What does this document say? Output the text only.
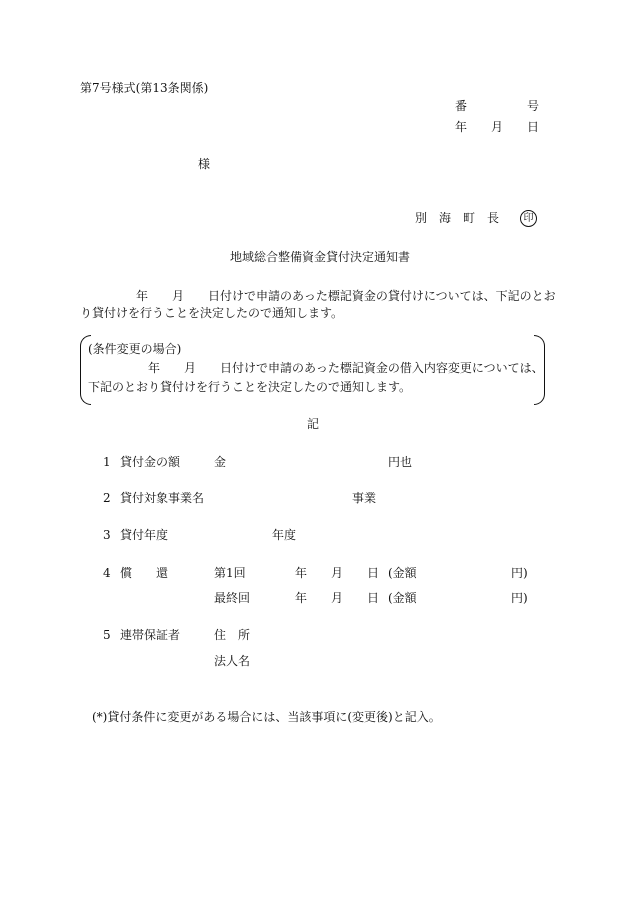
第7号様式(第13条関係)
番　　　　　号
年　　月　　日
様
別　海　町　長	印
地域総合整備資金貸付決定通知書
年　　月　　日付けで申請のあった標記資金の貸付けについては、下記のとお
り貸付けを行うことを決定したので通知します。
(条件変更の場合)
年　　月　　日付けで申請のあった標記資金の借入内容変更については、
下記のとおり貸付けを行うことを決定したので通知します。
記
1 貸付金の額	金	円也
2 貸付対象事業名	事業
3 貸付年度	年度
4 償　　還	第1回	年　　月　　日 (金額	円)
最終回	年　　月　　日 (金額	円)
5 連帯保証者	住　所
法人名
(*)貸付条件に変更がある場合には、当該事項に(変更後)と記入。
